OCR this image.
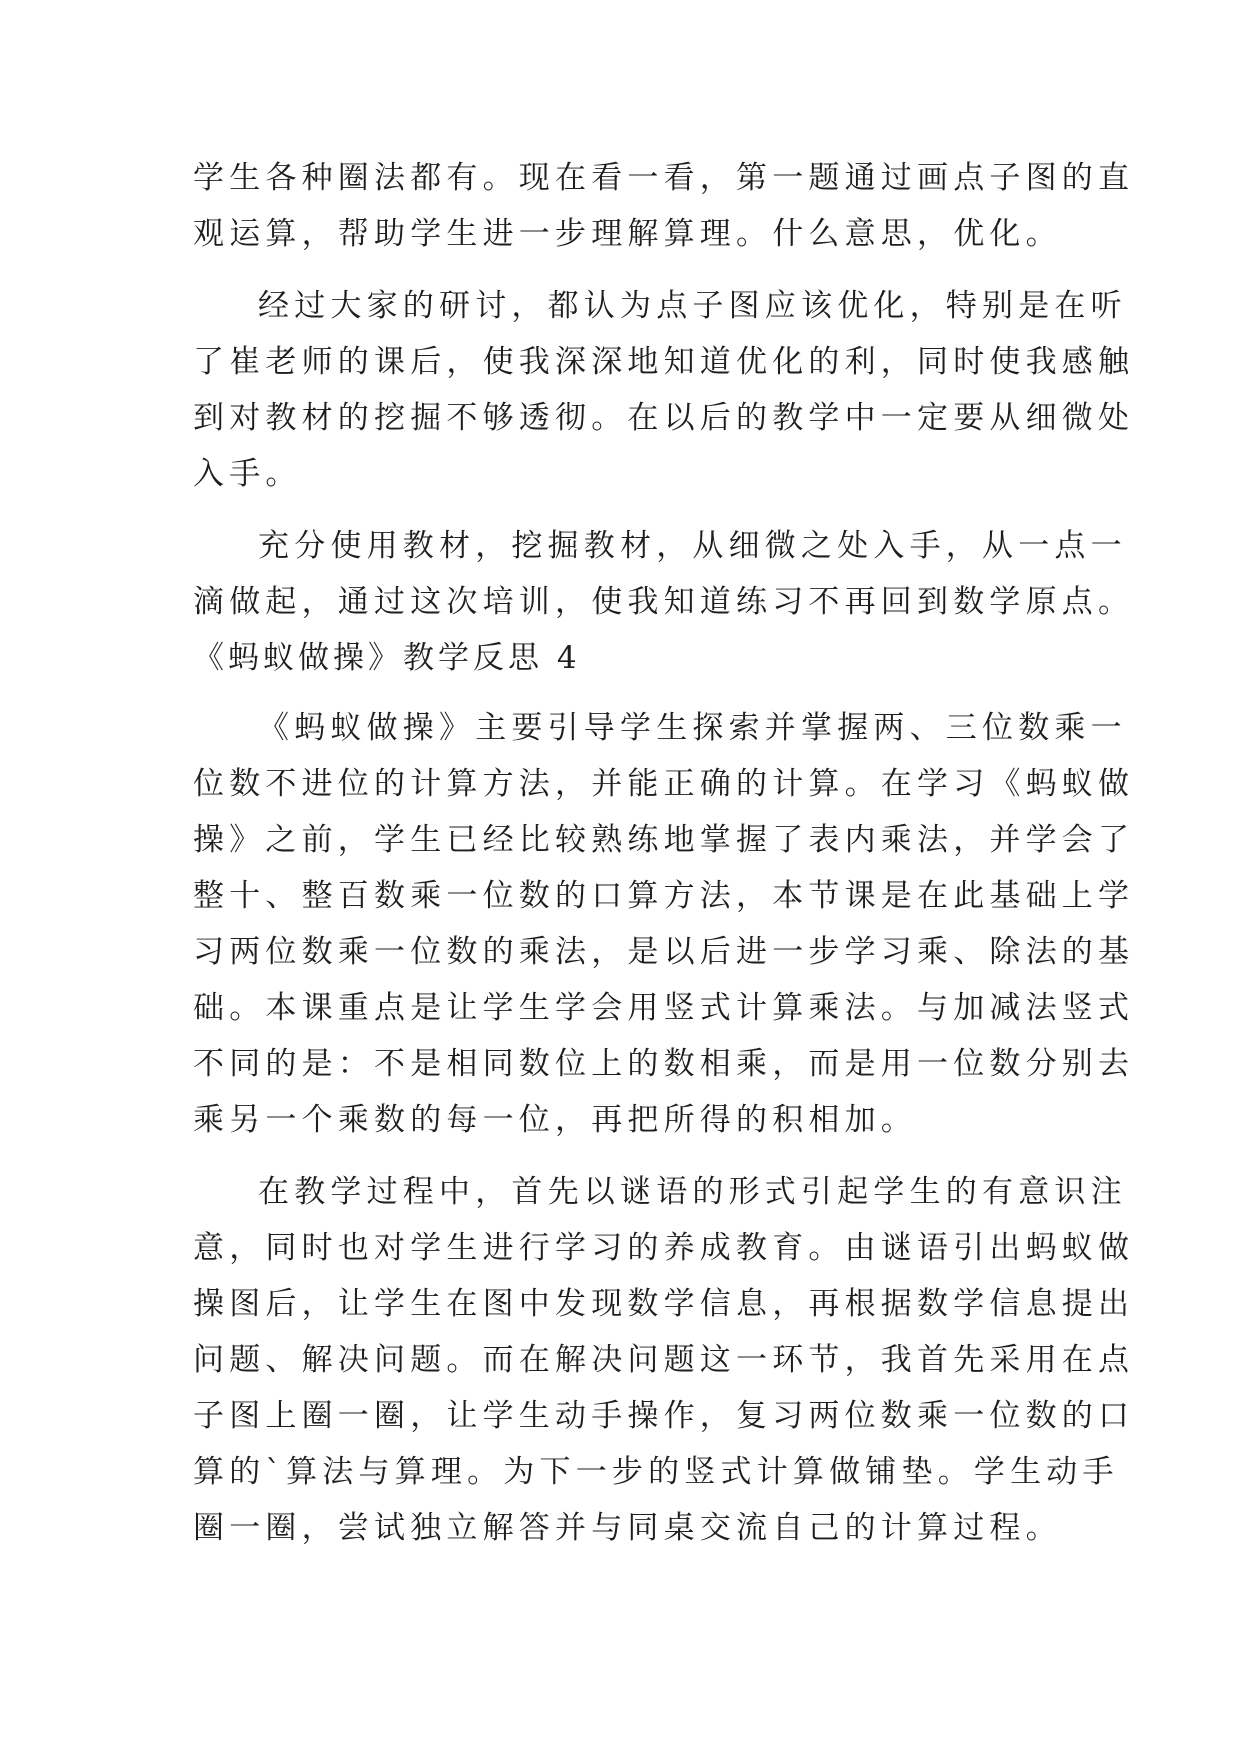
学生各种圈法都有。现在看一看，第一题通过画点子图的直
观运算，帮助学生进一步理解算理。什么意思，优化。
经过大家的研讨，都认为点子图应该优化，特别是在听
了崔老师的课后，使我深深地知道优化的利，同时使我感触
到对教材的挖掘不够透彻。在以后的教学中一定要从细微处
入手。
充分使用教材，挖掘教材，从细微之处入手，从一点一
滴做起，通过这次培训，使我知道练习不再回到数学原点。
《蚂蚁做操》教学反思 4
《蚂蚁做操》主要引导学生探索并掌握两、三位数乘一
位数不进位的计算方法，并能正确的计算。在学习《蚂蚁做
操》之前，学生已经比较熟练地掌握了表内乘法，并学会了
整十、整百数乘一位数的口算方法，本节课是在此基础上学
习两位数乘一位数的乘法，是以后进一步学习乘、除法的基
础。本课重点是让学生学会用竖式计算乘法。与加减法竖式
不同的是：不是相同数位上的数相乘，而是用一位数分别去
乘另一个乘数的每一位，再把所得的积相加。
在教学过程中，首先以谜语的形式引起学生的有意识注
意，同时也对学生进行学习的养成教育。由谜语引出蚂蚁做
操图后，让学生在图中发现数学信息，再根据数学信息提出
问题、解决问题。而在解决问题这一环节，我首先采用在点
子图上圈一圈，让学生动手操作，复习两位数乘一位数的口
算的`算法与算理。为下一步的竖式计算做铺垫。学生动手
圈一圈，尝试独立解答并与同桌交流自己的计算过程。
